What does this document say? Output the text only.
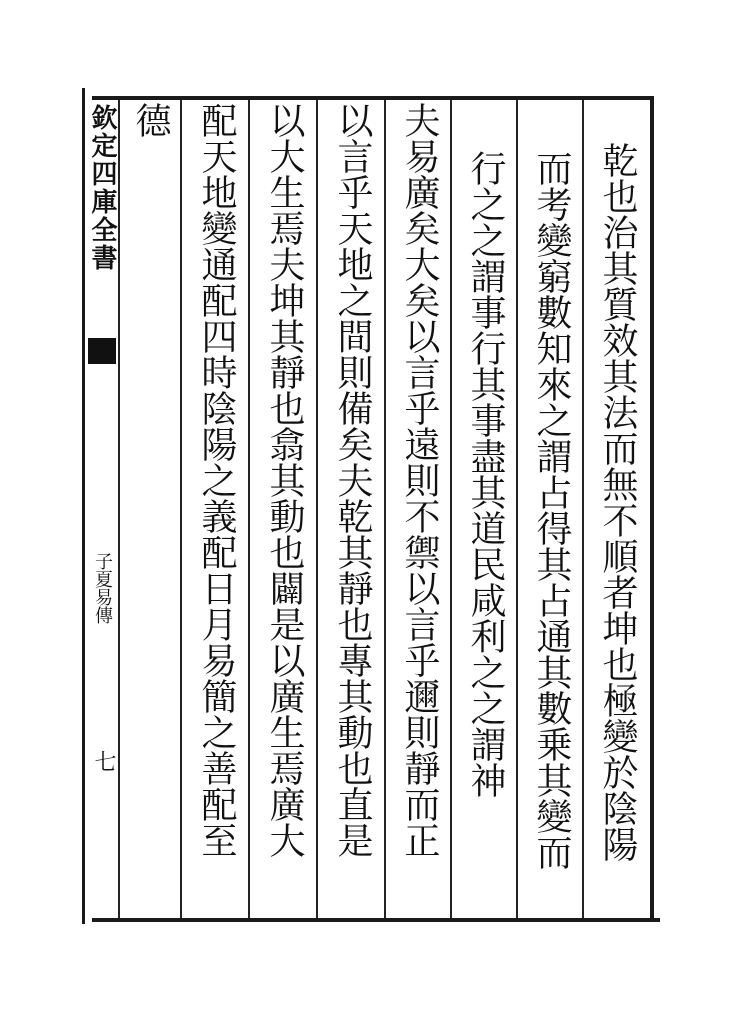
欽定四庫全書
子夏易傳
七	乾也治其質效其法而無不順者坤也極變於陰陽
而考變窮數知來之謂占得其占通其數乗其變而
行之之謂事行其事盡其道民咸利之之謂神
夫易廣矣大矣以言乎遠則不禦以言乎邇則靜而正
以言乎天地之間則備矣夫乾其靜也專其動也直是
以大生焉夫坤其靜也翕其動也闢是以廣生焉廣大
配天地變通配四時陰陽之義配日月易簡之善配至
德
